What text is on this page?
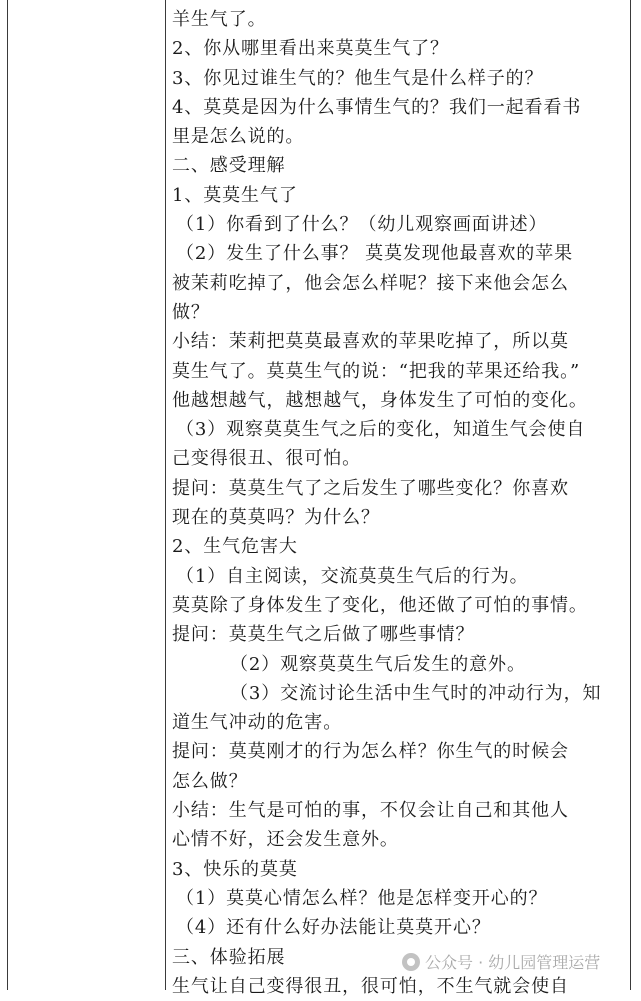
羊生气了。
2、你从哪里看出来莫莫生气了？
3、你见过谁生气的？他生气是什么样子的？
4、莫莫是因为什么事情生气的？我们一起看看书
里是怎么说的。
二、感受理解
1、莫莫生气了
（1）你看到了什么？（幼儿观察画面讲述）
（2）发生了什么事？ 莫莫发现他最喜欢的苹果
被茉莉吃掉了，他会怎么样呢？接下来他会怎么
做？
小结：茉莉把莫莫最喜欢的苹果吃掉了，所以莫
莫生气了。莫莫生气的说：“把我的苹果还给我。”
他越想越气，越想越气，身体发生了可怕的变化。
（3）观察莫莫生气之后的变化，知道生气会使自
己变得很丑、很可怕。
提问：莫莫生气了之后发生了哪些变化？你喜欢
现在的莫莫吗？为什么？
2、生气危害大
（1）自主阅读，交流莫莫生气后的行为。
莫莫除了身体发生了变化，他还做了可怕的事情。
提问：莫莫生气之后做了哪些事情？
（2）观察莫莫生气后发生的意外。
（3）交流讨论生活中生气时的冲动行为，知
道生气冲动的危害。
提问：莫莫刚才的行为怎么样？你生气的时候会
怎么做？
小结：生气是可怕的事，不仅会让自己和其他人
心情不好，还会发生意外。
3、快乐的莫莫
（1）莫莫心情怎么样？他是怎样变开心的？
（4）还有什么好办法能让莫莫开心？
三、体验拓展
生气让自己变得很丑，很可怕，不生气就会使自
公众号 · 幼儿园管理运营
